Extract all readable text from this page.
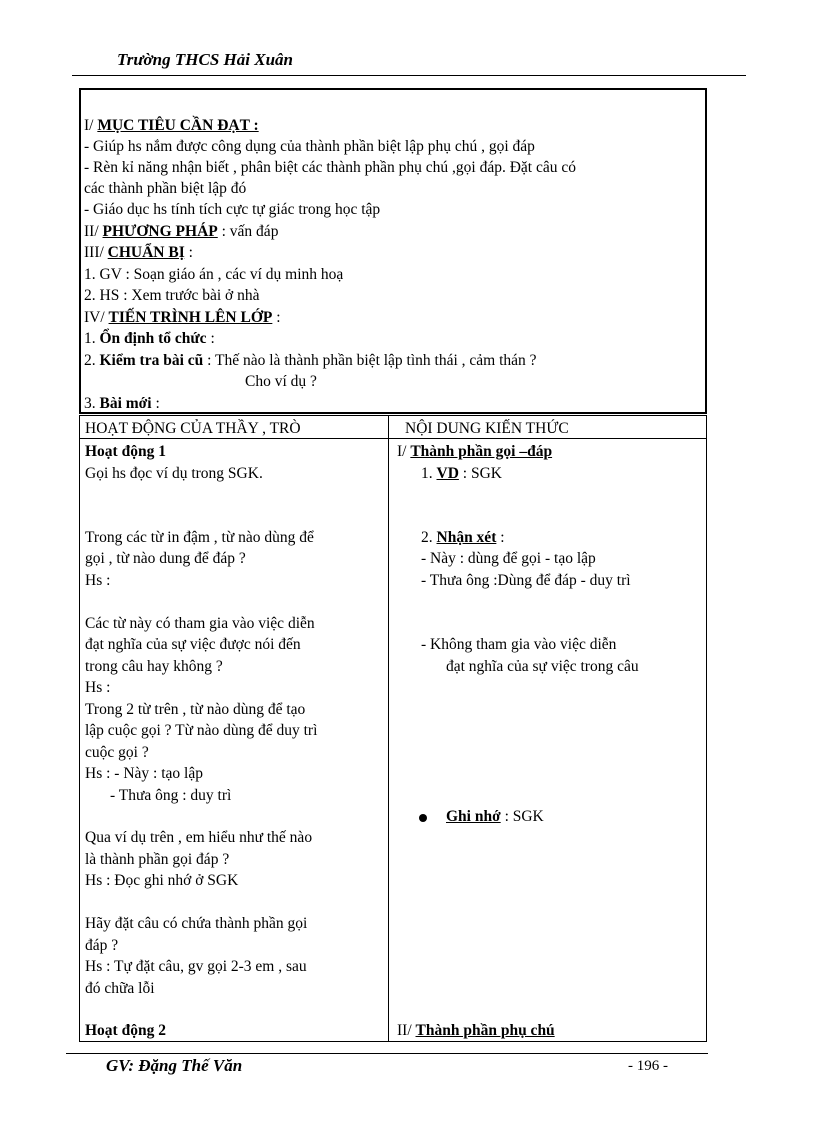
Trường THCS Hải Xuân
I/ MỤC TIÊU CẦN ĐẠT :
- Giúp hs nắm được công dụng của thành phần biệt lập phụ chú , gọi đáp
- Rèn kỉ năng nhận biết , phân biệt các thành phần phụ chú ,gọi đáp. Đặt câu có
các thành phần biệt lập đó
- Giáo dục hs tính tích cực tự giác trong học tập
II/ PHƯƠNG PHÁP : vấn đáp
III/ CHUẨN BỊ :
1. GV : Soạn giáo án , các ví dụ minh hoạ
2. HS : Xem trước bài ở nhà
IV/ TIẾN TRÌNH LÊN LỚP :
1. Ổn định tổ chức :
2. Kiểm tra bài cũ : Thế nào là thành phần biệt lập tình thái , cảm thán ?
Cho ví dụ ?
3. Bài mới :
HOẠT ĐỘNG CỦA THẦY , TRÒ	NỘI DUNG KIẾN THỨC
Hoạt động 1
Gọi hs đọc ví dụ trong SGK.
Trong các từ in đậm , từ nào dùng để
gọi , từ nào dung để đáp ?
Hs :
Các từ này có tham gia vào việc diễn
đạt nghĩa của sự việc được nói đến
trong câu hay không ?
Hs :
Trong 2 từ trên , từ nào dùng để tạo
lập cuộc gọi ? Từ nào dùng để duy trì
cuộc gọi ?
Hs : - Này : tạo lập
- Thưa ông : duy trì
Qua ví dụ trên , em hiểu như thế nào
là thành phần gọi đáp ?
Hs : Đọc ghi nhớ ở SGK
Hãy đặt câu có chứa thành phần gọi
đáp ?
Hs : Tự đặt câu, gv gọi 2-3 em , sau
đó chữa lỗi
Hoạt động 2
I/ Thành phần gọi –đáp
1. VD : SGK
2. Nhận xét :
- Này : dùng để gọi - tạo lập
- Thưa ông :Dùng để đáp - duy trì
- Không tham gia vào việc diễn
đạt nghĩa của sự việc trong câu
Ghi nhớ : SGK
II/ Thành phần phụ chú
GV: Đặng Thế Văn	- 196 -
